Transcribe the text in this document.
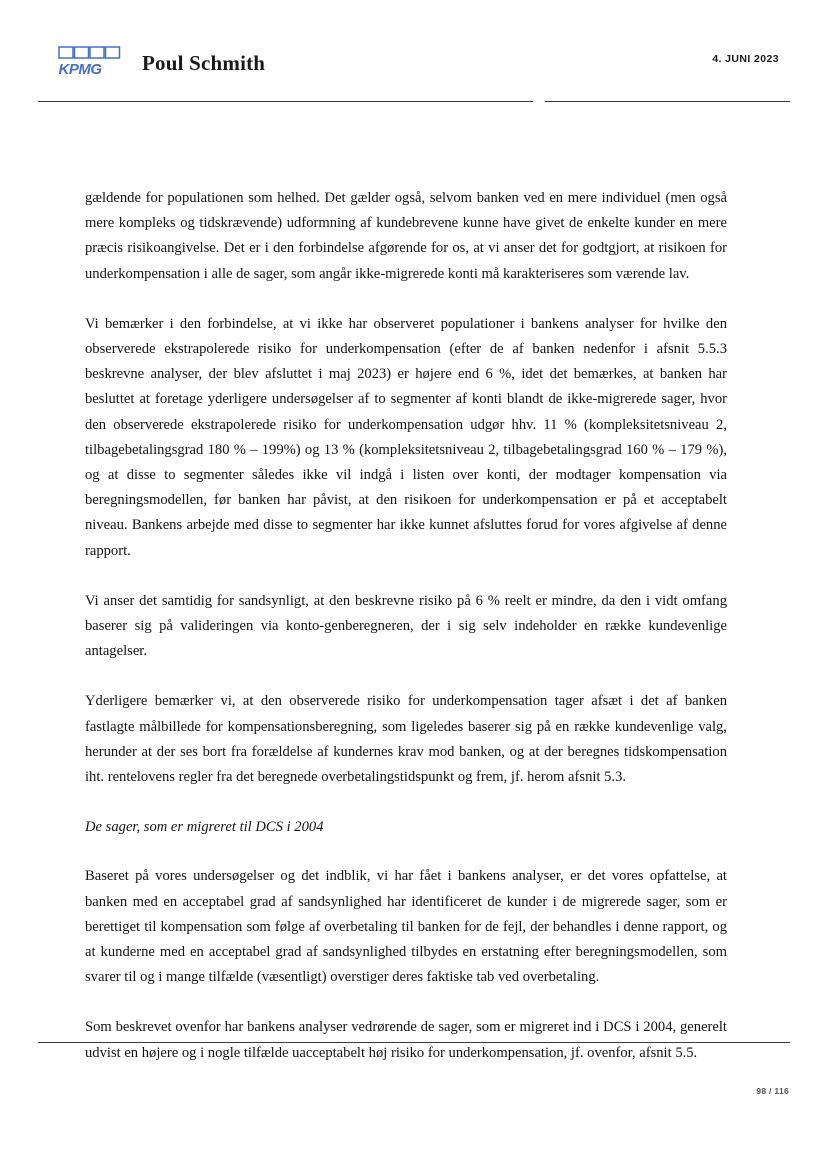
KPMG Poul Schmith	4. JUNI 2023

gældende for populationen som helhed. Det gælder også, selvom banken ved en mere individuel (men også mere kompleks og tidskrævende) udformning af kundebrevene kunne have givet de enkelte kunder en mere præcis risikoangivelse. Det er i den forbindelse afgørende for os, at vi anser det for godtgjort, at risikoen for underkompensation i alle de sager, som angår ikke-migrerede konti må karakteriseres som værende lav.

Vi bemærker i den forbindelse, at vi ikke har observeret populationer i bankens analyser for hvilke den observerede ekstrapolerede risiko for underkompensation (efter de af banken nedenfor i afsnit 5.5.3 beskrevne analyser, der blev afsluttet i maj 2023) er højere end 6 %, idet det bemærkes, at banken har besluttet at foretage yderligere undersøgelser af to segmenter af konti blandt de ikke-migrerede sager, hvor den observerede ekstrapolerede risiko for underkompensation udgør hhv. 11 % (kompleksitetsniveau 2, tilbagebetalingsgrad 180 % – 199%) og 13 % (kompleksitetsniveau 2, tilbagebetalingsgrad 160 % – 179 %), og at disse to segmenter således ikke vil indgå i listen over konti, der modtager kompensation via beregningsmodellen, før banken har påvist, at den risikoen for underkompensation er på et acceptabelt niveau. Bankens arbejde med disse to segmenter har ikke kunnet afsluttes forud for vores afgivelse af denne rapport.

Vi anser det samtidig for sandsynligt, at den beskrevne risiko på 6 % reelt er mindre, da den i vidt omfang baserer sig på valideringen via konto-genberegneren, der i sig selv indeholder en række kundevenlige antagelser.

Yderligere bemærker vi, at den observerede risiko for underkompensation tager afsæt i det af banken fastlagte målbillede for kompensationsberegning, som ligeledes baserer sig på en række kundevenlige valg, herunder at der ses bort fra forældelse af kundernes krav mod banken, og at der beregnes tidskompensation iht. rentelovens regler fra det beregnede overbetalingstidspunkt og frem, jf. herom afsnit 5.3.

De sager, som er migreret til DCS i 2004

Baseret på vores undersøgelser og det indblik, vi har fået i bankens analyser, er det vores opfattelse, at banken med en acceptabel grad af sandsynlighed har identificeret de kunder i de migrerede sager, som er berettiget til kompensation som følge af overbetaling til banken for de fejl, der behandles i denne rapport, og at kunderne med en acceptabel grad af sandsynlighed tilbydes en erstatning efter beregningsmodellen, som svarer til og i mange tilfælde (væsentligt) overstiger deres faktiske tab ved overbetaling.

Som beskrevet ovenfor har bankens analyser vedrørende de sager, som er migreret ind i DCS i 2004, generelt udvist en højere og i nogle tilfælde uacceptabelt høj risiko for underkompensation, jf. ovenfor, afsnit 5.5.

98 / 116
